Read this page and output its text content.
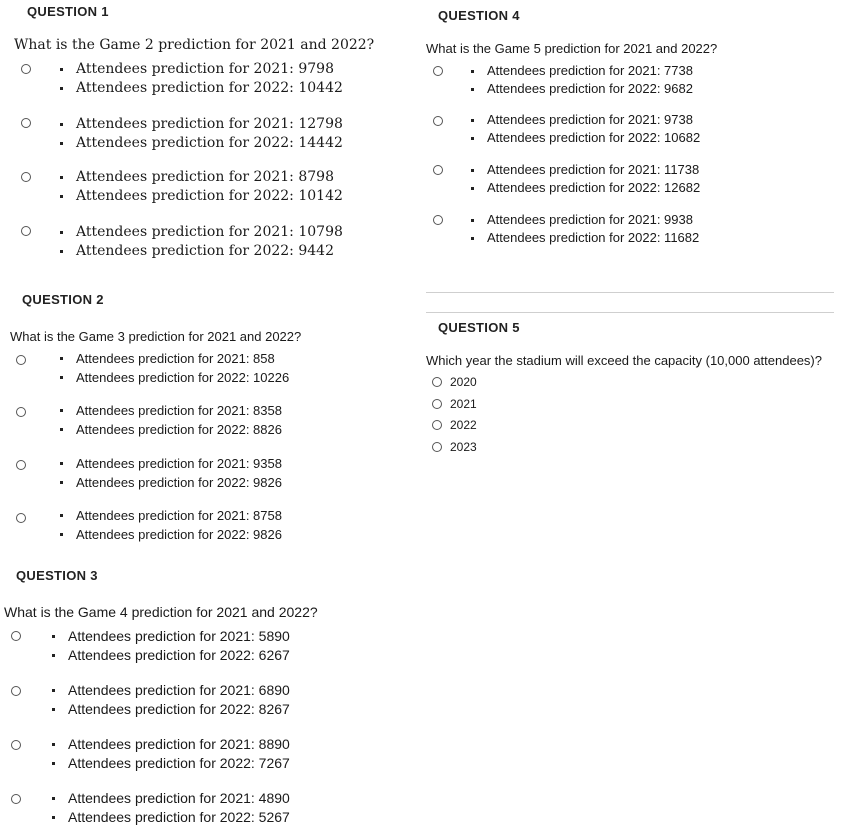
QUESTION 1
What is the Game 2 prediction for 2021 and 2022?
Attendees prediction for 2021: 9798
Attendees prediction for 2022: 10442
Attendees prediction for 2021: 12798
Attendees prediction for 2022: 14442
Attendees prediction for 2021: 8798
Attendees prediction for 2022: 10142
Attendees prediction for 2021: 10798
Attendees prediction for 2022: 9442
QUESTION 2
What is the Game 3 prediction for 2021 and 2022?
Attendees prediction for 2021: 858
Attendees prediction for 2022: 10226
Attendees prediction for 2021: 8358
Attendees prediction for 2022: 8826
Attendees prediction for 2021: 9358
Attendees prediction for 2022: 9826
Attendees prediction for 2021: 8758
Attendees prediction for 2022: 9826
QUESTION 3
What is the Game 4 prediction for 2021 and 2022?
Attendees prediction for 2021: 5890
Attendees prediction for 2022: 6267
Attendees prediction for 2021: 6890
Attendees prediction for 2022: 8267
Attendees prediction for 2021: 8890
Attendees prediction for 2022: 7267
Attendees prediction for 2021: 4890
Attendees prediction for 2022: 5267
QUESTION 4
What is the Game 5 prediction for 2021 and 2022?
Attendees prediction for 2021: 7738
Attendees prediction for 2022: 9682
Attendees prediction for 2021: 9738
Attendees prediction for 2022: 10682
Attendees prediction for 2021: 11738
Attendees prediction for 2022: 12682
Attendees prediction for 2021: 9938
Attendees prediction for 2022: 11682
QUESTION 5
Which year the stadium will exceed the capacity (10,000 attendees)?
2020
2021
2022
2023
